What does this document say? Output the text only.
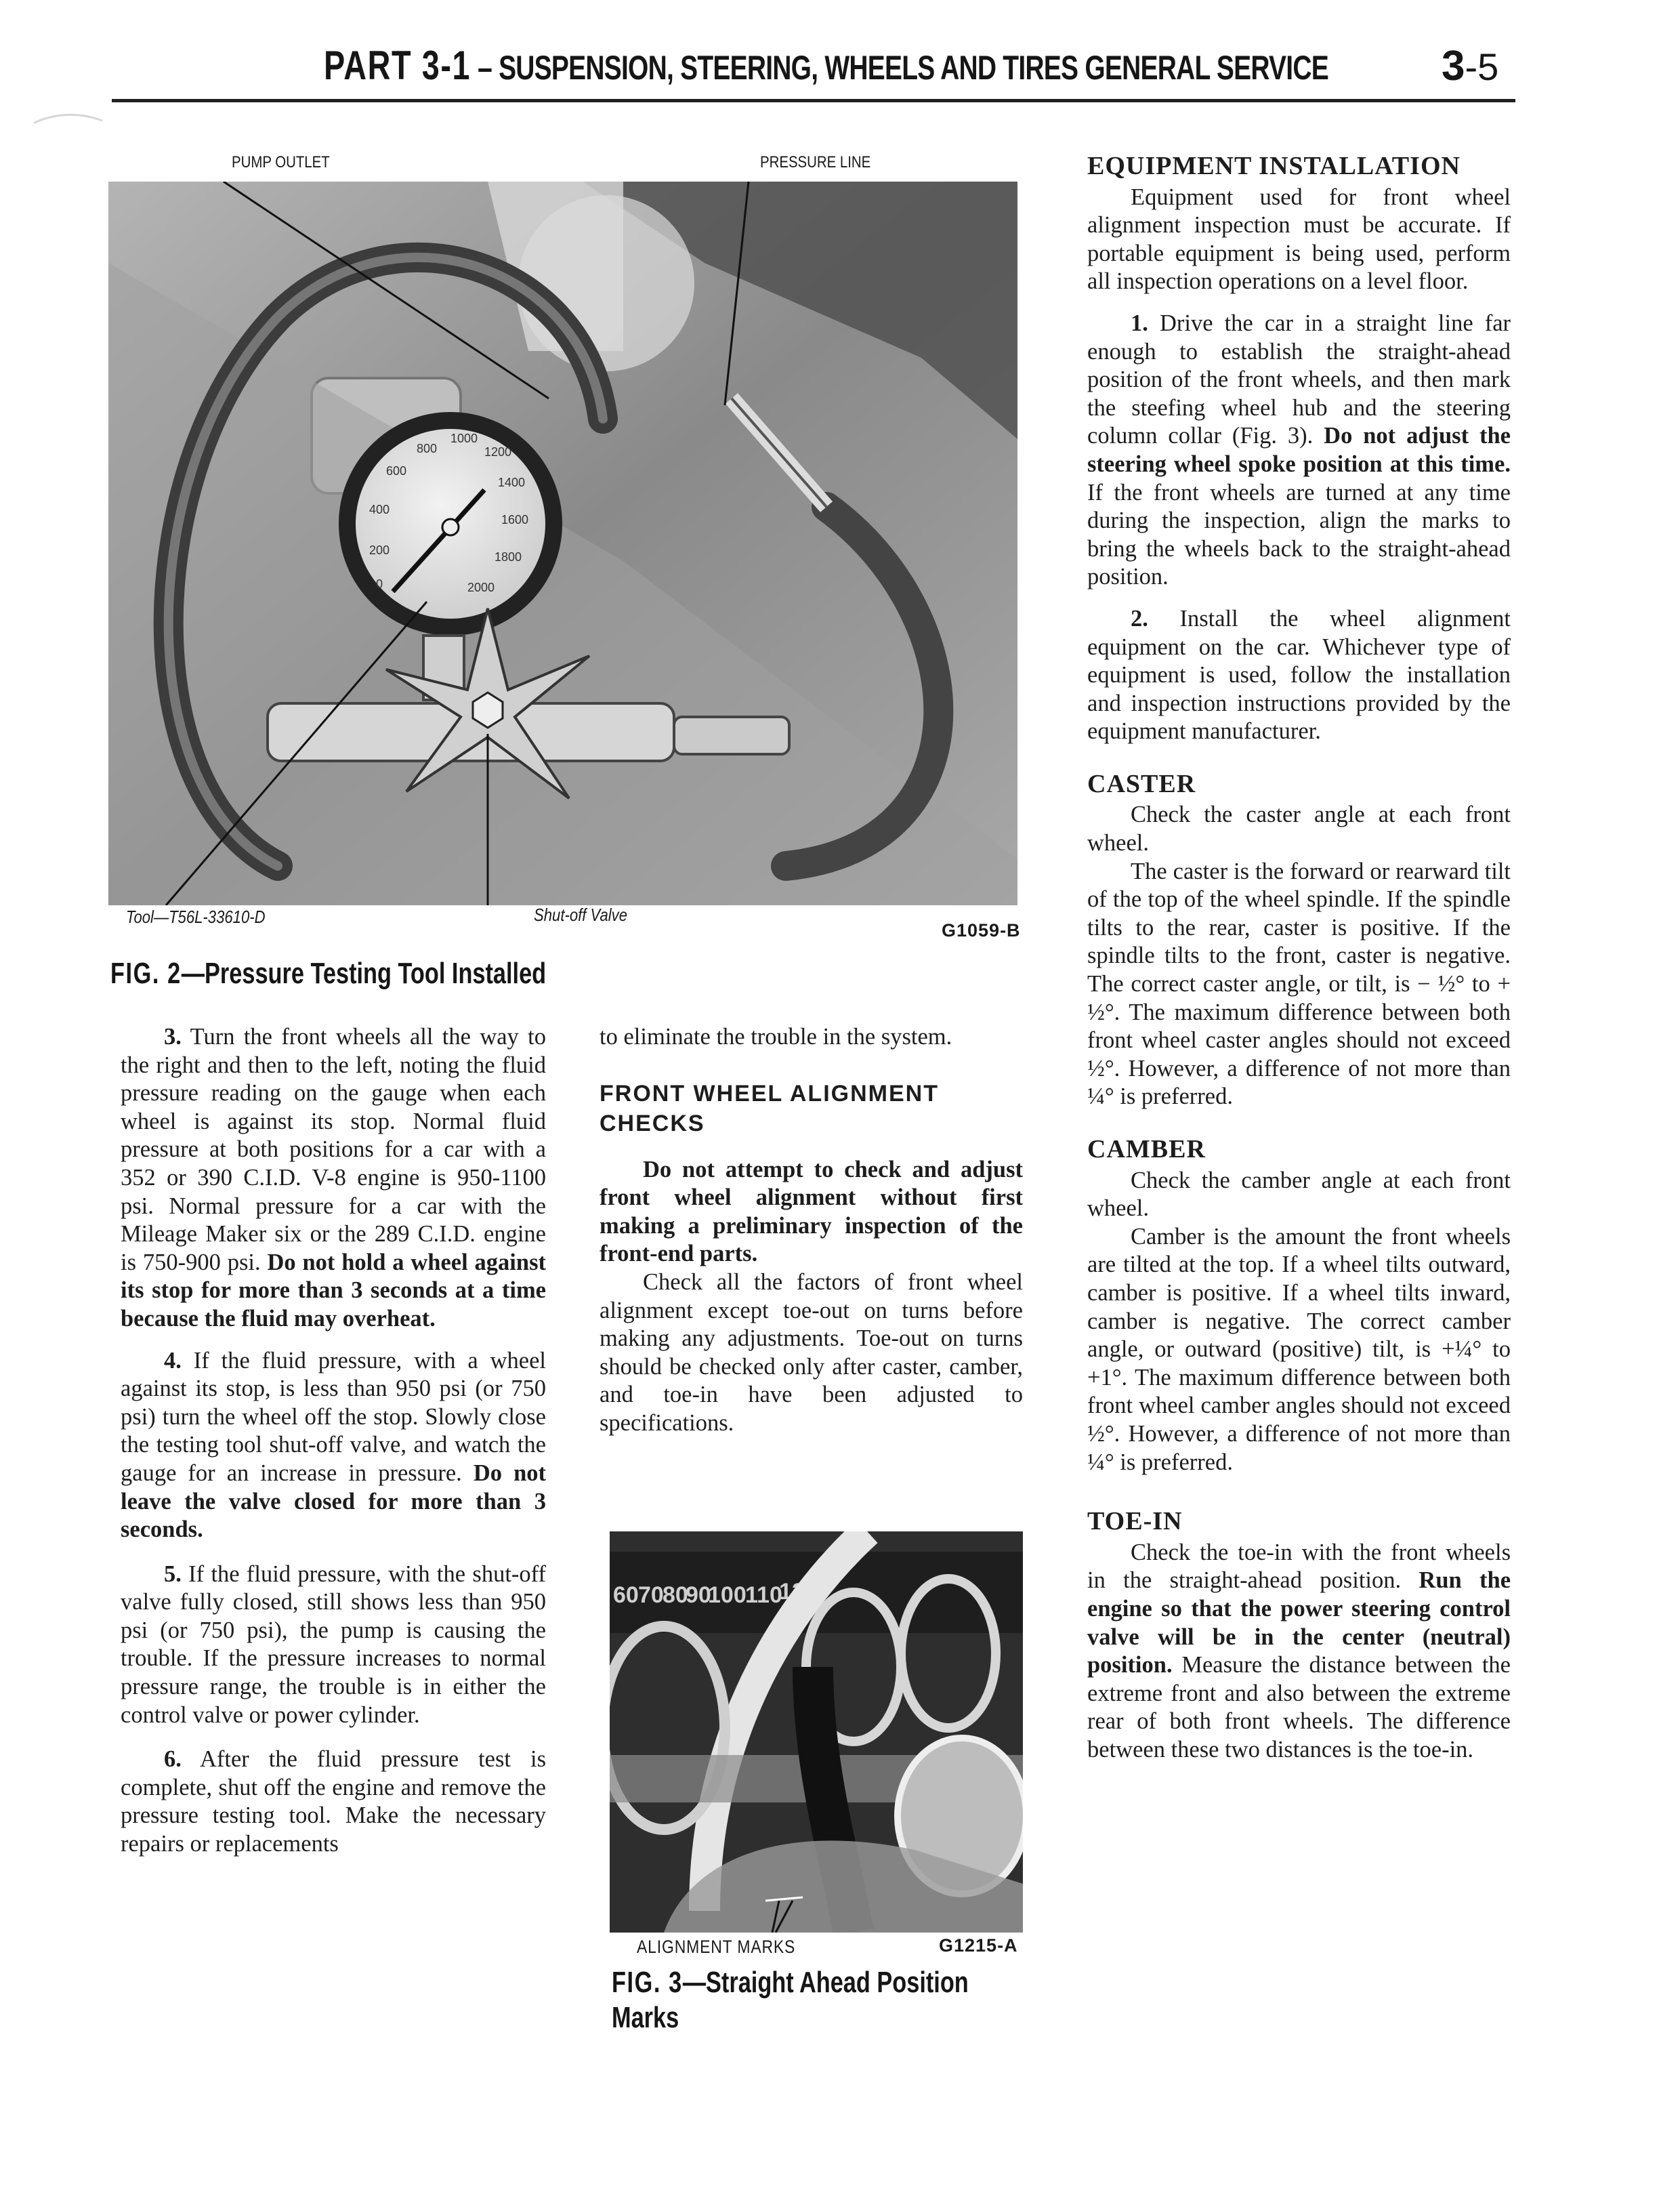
PART 3-1 – SUSPENSION, STEERING, WHEELS AND TIRES GENERAL SERVICE	3-5
PUMP OUTLET	PRESSURE LINE
0
200
400
600
800
1000
1200
1400
1600
1800
2000
Tool—T56L-33610-D	Shut-off Valve
G1059-B
FIG. 2—Pressure Testing Tool Installed

3. Turn the front wheels all the way to the right and then to the left, noting the fluid pressure reading on the gauge when each wheel is against its stop. Normal fluid pressure at both positions for a car with a 352 or 390 C.I.D. V-8 engine is 950-1100 psi. Normal pressure for a car with the Mileage Maker six or the 289 C.I.D. engine is 750-900 psi. Do not hold a wheel against its stop for more than 3 seconds at a time because the fluid may overheat.

4. If the fluid pressure, with a wheel against its stop, is less than 950 psi (or 750 psi) turn the wheel off the stop. Slowly close the testing tool shut-off valve, and watch the gauge for an increase in pressure. Do not leave the valve closed for more than 3 seconds.

5. If the fluid pressure, with the shut-off valve fully closed, still shows less than 950 psi (or 750 psi), the pump is causing the trouble. If the pressure increases to normal pressure range, the trouble is in either the control valve or power cylinder.

6. After the fluid pressure test is complete, shut off the engine and remove the pressure testing tool. Make the necessary repairs or replacements

to eliminate the trouble in the system.

FRONT WHEEL ALIGNMENT CHECKS

Do not attempt to check and adjust front wheel alignment without first making a preliminary inspection of the front-end parts.

Check all the factors of front wheel alignment except toe-out on turns before making any adjustments. Toe-out on turns should be checked only after caster, camber, and toe-in have been adjusted to specifications.

60 70
80
90
100
110
120
ALIGNMENT MARKS	G1215-A
FIG. 3—Straight Ahead Position Marks
EQUIPMENT INSTALLATION

Equipment used for front wheel alignment inspection must be accurate. If portable equipment is being used, perform all inspection operations on a level floor.

1. Drive the car in a straight line far enough to establish the straight-ahead position of the front wheels, and then mark the steefing wheel hub and the steering column collar (Fig. 3). Do not adjust the steering wheel spoke position at this time. If the front wheels are turned at any time during the inspection, align the marks to bring the wheels back to the straight-ahead position.

2. Install the wheel alignment equipment on the car. Whichever type of equipment is used, follow the installation and inspection instructions provided by the equipment manufacturer.

CASTER

Check the caster angle at each front wheel.

The caster is the forward or rearward tilt of the top of the wheel spindle. If the spindle tilts to the rear, caster is positive. If the spindle tilts to the front, caster is negative. The correct caster angle, or tilt, is − ½° to + ½°. The maximum difference between both front wheel caster angles should not exceed ½°. However, a difference of not more than ¼° is preferred.

CAMBER

Check the camber angle at each front wheel.

Camber is the amount the front wheels are tilted at the top. If a wheel tilts outward, camber is positive. If a wheel tilts inward, camber is negative. The correct camber angle, or outward (positive) tilt, is +¼° to +1°. The maximum difference between both front wheel camber angles should not exceed ½°. However, a difference of not more than ¼° is preferred.

TOE-IN

Check the toe-in with the front wheels in the straight-ahead position. Run the engine so that the power steering control valve will be in the center (neutral) position. Measure the distance between the extreme front and also between the extreme rear of both front wheels. The difference between these two distances is the toe-in.
